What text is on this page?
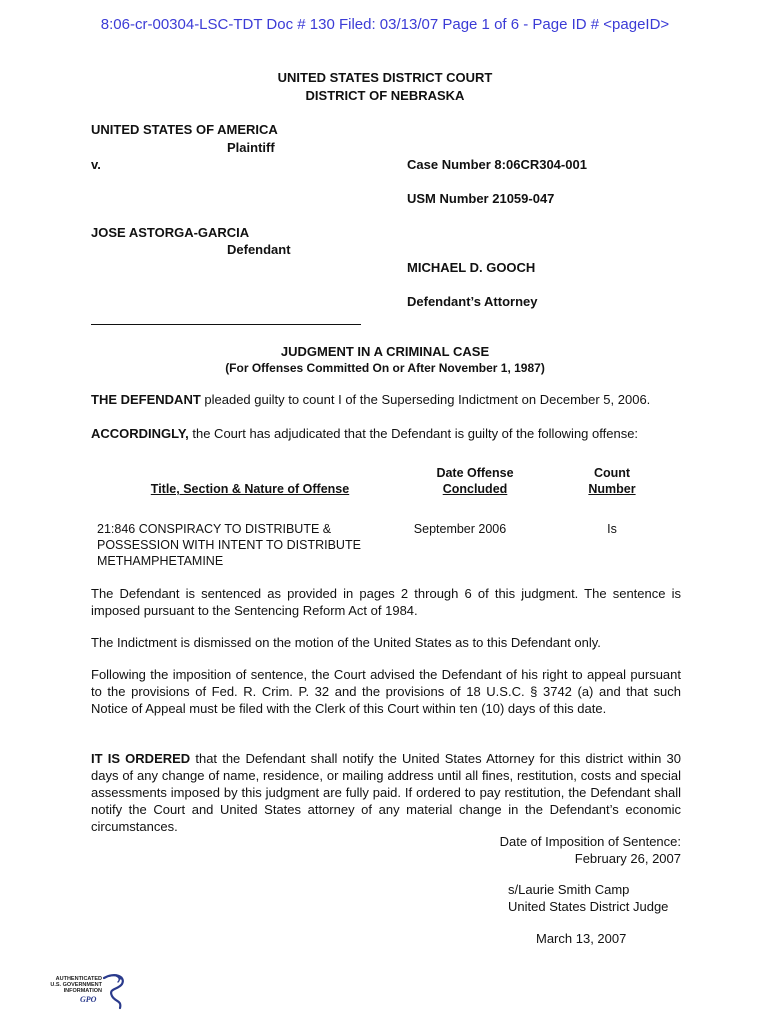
8:06-cr-00304-LSC-TDT Doc # 130 Filed: 03/13/07 Page 1 of 6 - Page ID # <pageID>
UNITED STATES DISTRICT COURT
DISTRICT OF NEBRASKA
UNITED STATES OF AMERICA
Plaintiff
v.	Case Number 8:06CR304-001
USM Number 21059-047
JOSE ASTORGA-GARCIA
Defendant
MICHAEL D. GOOCH
Defendant’s Attorney
JUDGMENT IN A CRIMINAL CASE
(For Offenses Committed On or After November 1, 1987)
THE DEFENDANT pleaded guilty to count I of the Superseding Indictment on December 5, 2006.
ACCORDINGLY, the Court has adjudicated that the Defendant is guilty of the following offense:
Title, Section & Nature of Offense
Date Offense
Concluded
Count
Number
21:846 CONSPIRACY TO DISTRIBUTE &
POSSESSION WITH INTENT TO DISTRIBUTE
METHAMPHETAMINE
September 2006	Is
The Defendant is sentenced as provided in pages 2 through 6 of this judgment. The sentence is imposed pursuant to the Sentencing Reform Act of 1984.
The Indictment is dismissed on the motion of the United States as to this Defendant only.
Following the imposition of sentence, the Court advised the Defendant of his right to appeal pursuant to the provisions of Fed. R. Crim. P. 32 and the provisions of 18 U.S.C. § 3742 (a) and that such Notice of Appeal must be filed with the Clerk of this Court within ten (10) days of this date.
IT IS ORDERED that the Defendant shall notify the United States Attorney for this district within 30 days of any change of name, residence, or mailing address until all fines, restitution, costs and special assessments imposed by this judgment are fully paid. If ordered to pay restitution, the Defendant shall notify the Court and United States attorney of any material change in the Defendant’s economic circumstances.
Date of Imposition of Sentence:
February 26, 2007
s/Laurie Smith Camp
United States District Judge
March 13, 2007
AUTHENTICATED
U.S. GOVERNMENT
INFORMATION
GPO
